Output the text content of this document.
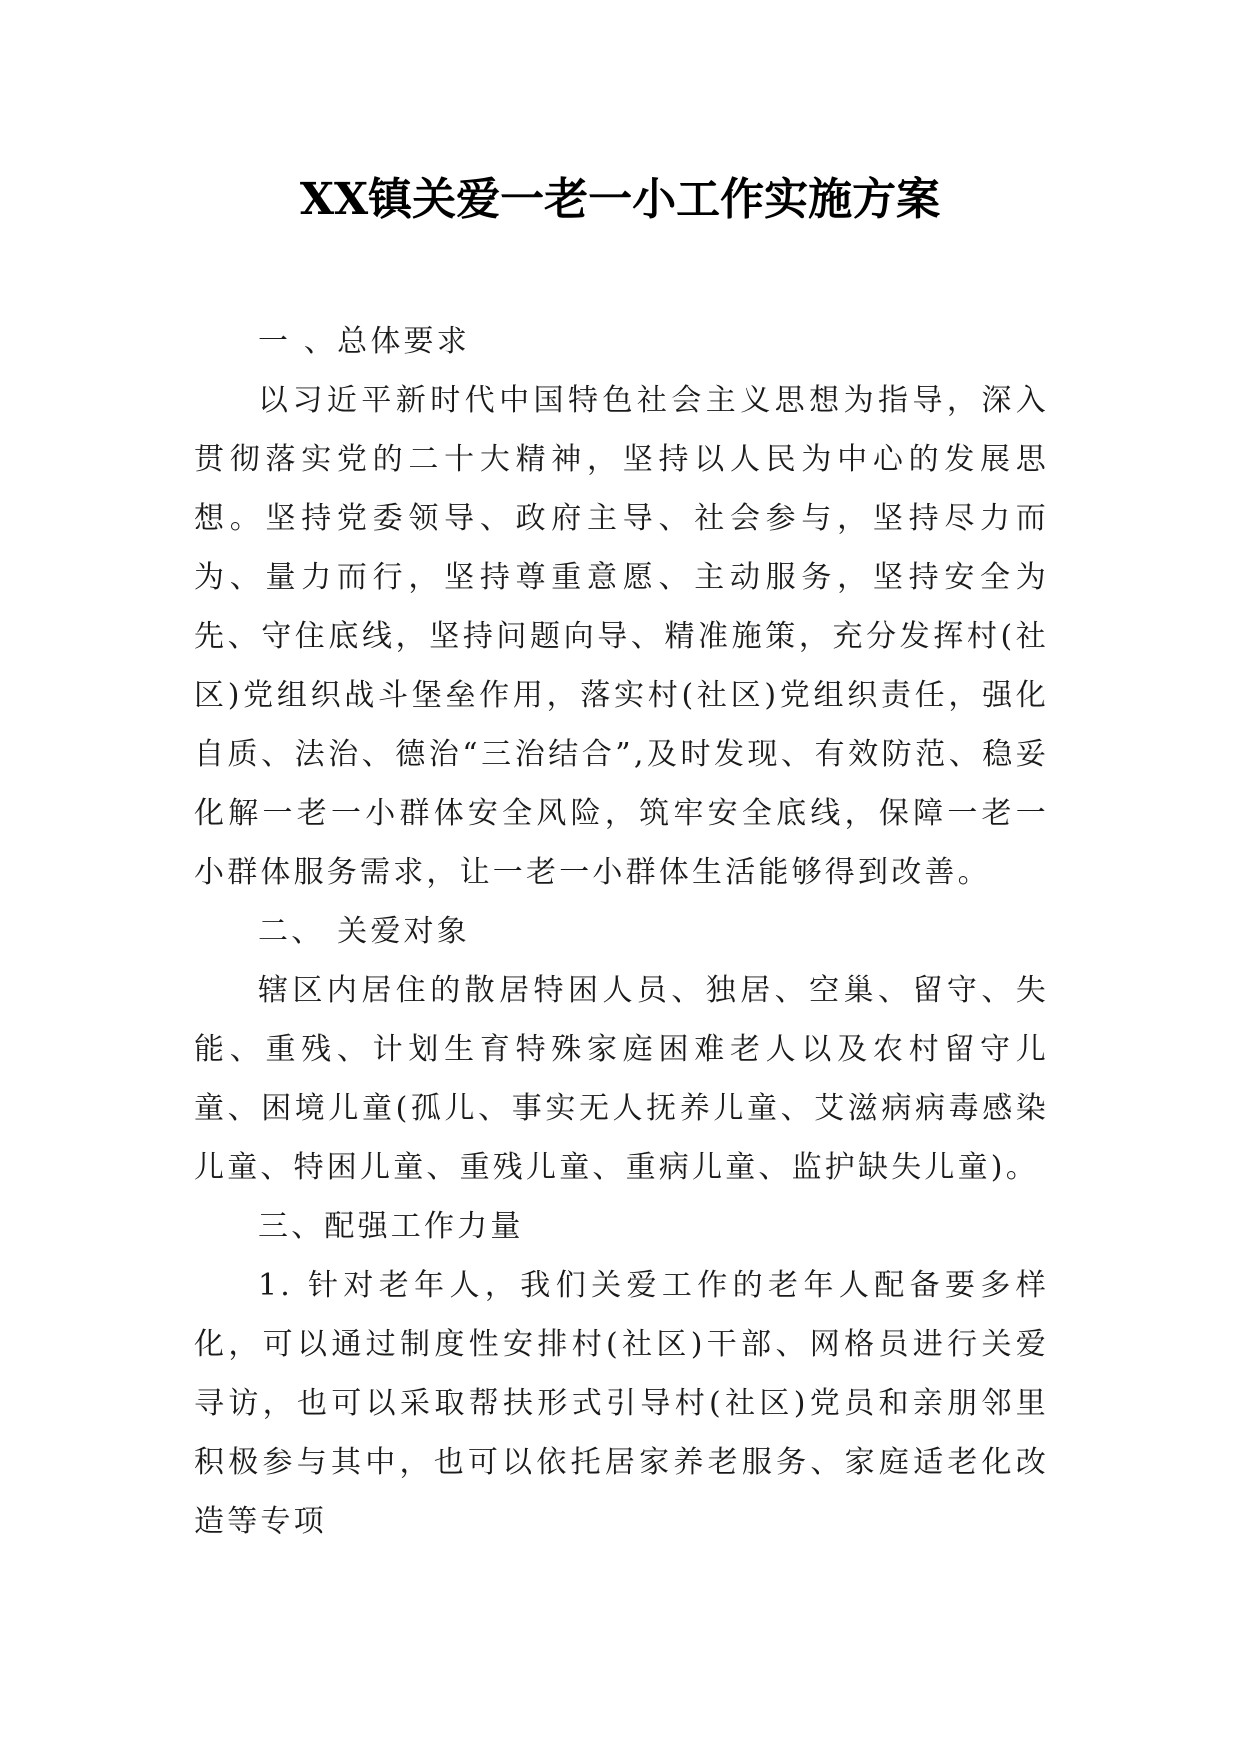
XX镇关爱一老一小工作实施方案
一 、总体要求

以习近平新时代中国特色社会主义思想为指导，深入贯彻落实党的二十大精神，坚持以人民为中心的发展思想。坚持党委领导、政府主导、社会参与，坚持尽力而为、量力而行，坚持尊重意愿、主动服务，坚持安全为先、守住底线，坚持问题向导、精准施策，充分发挥村(社区)党组织战斗堡垒作用，落实村(社区)党组织责任，强化自质、法治、德治“三治结合”,及时发现、有效防范、稳妥化解一老一小群体安全风险，筑牢安全底线，保障一老一小群体服务需求，让一老一小群体生活能够得到改善。

二、 关爱对象

辖区内居住的散居特困人员、独居、空巢、留守、失能、重残、计划生育特殊家庭困难老人以及农村留守儿童、困境儿童(孤儿、事实无人抚养儿童、艾滋病病毒感染儿童、特困儿童、重残儿童、重病儿童、监护缺失儿童)。

三、配强工作力量

1. 针对老年人，我们关爱工作的老年人配备要多样化，可以通过制度性安排村(社区)干部、网格员进行关爱寻访，也可以采取帮扶形式引导村(社区)党员和亲朋邻里积极参与其中，也可以依托居家养老服务、家庭适老化改造等专项
